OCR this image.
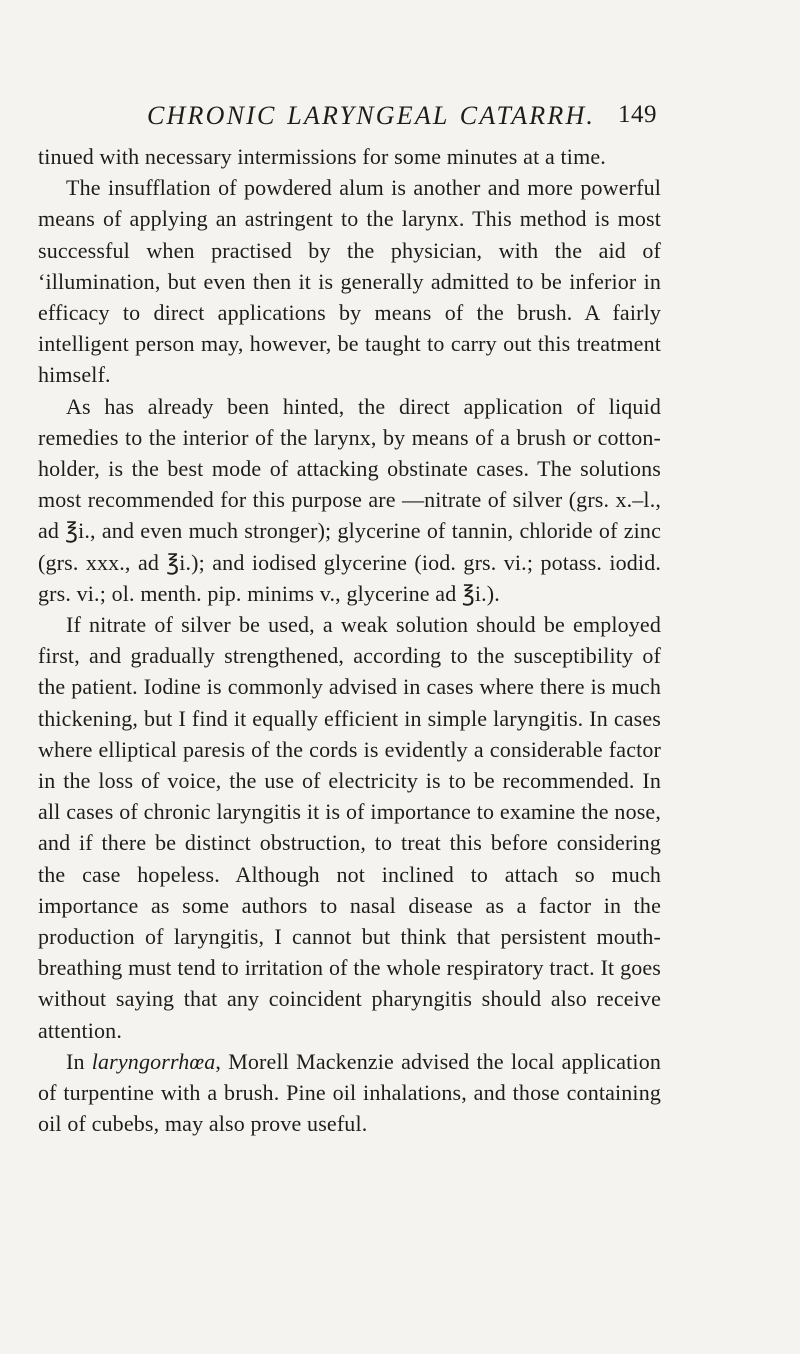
CHRONIC LARYNGEAL CATARRH. 149

tinued with necessary intermissions for some minutes at a time.

The insufflation of powdered alum is another and more powerful means of applying an astringent to the larynx. This method is most successful when practised by the physician, with the aid of ‘illumination, but even then it is generally admitted to be inferior in efficacy to direct applications by means of the brush. A fairly intelligent person may, however, be taught to carry out this treatment himself.

As has already been hinted, the direct application of liquid remedies to the interior of the larynx, by means of a brush or cotton-holder, is the best mode of attacking obstinate cases. The solutions most recommended for this purpose are —nitrate of silver (grs. x.–l., ad ℥i., and even much stronger); glycerine of tannin, chloride of zinc (grs. xxx., ad ℥i.); and iodised glycerine (iod. grs. vi.; potass. iodid. grs. vi.; ol. menth. pip. minims v., glycerine ad ℥i.).

If nitrate of silver be used, a weak solution should be employed first, and gradually strengthened, according to the susceptibility of the patient. Iodine is commonly advised in cases where there is much thickening, but I find it equally efficient in simple laryngitis. In cases where elliptical paresis of the cords is evidently a considerable factor in the loss of voice, the use of electricity is to be recommended. In all cases of chronic laryngitis it is of importance to examine the nose, and if there be distinct obstruction, to treat this before considering the case hopeless. Although not inclined to attach so much importance as some authors to nasal disease as a factor in the production of laryngitis, I cannot but think that persistent mouth-breathing must tend to irritation of the whole respiratory tract. It goes without saying that any coincident pharyngitis should also receive attention.

In laryngorrhœa, Morell Mackenzie advised the local application of turpentine with a brush. Pine oil inhalations, and those containing oil of cubebs, may also prove useful.
